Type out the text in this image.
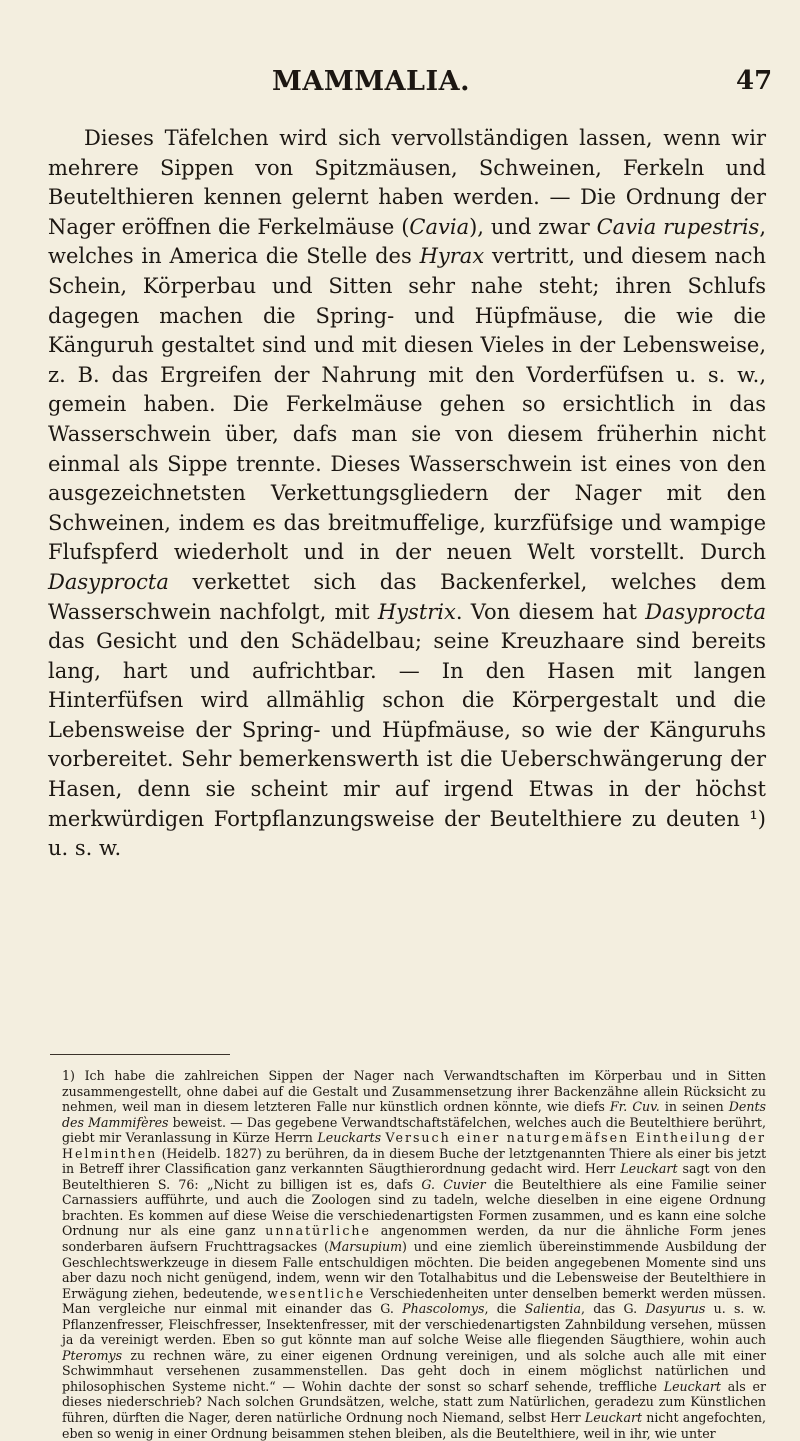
MAMMALIA.	47

Dieses Täfelchen wird sich vervollständigen lassen, wenn wir mehrere Sippen von Spitzmäusen, Schweinen, Ferkeln und Beutelthieren kennen gelernt haben werden. — Die Ordnung der Nager eröffnen die Ferkelmäuse (Cavia), und zwar Cavia rupestris, welches in America die Stelle des Hyrax vertritt, und diesem nach Schein, Körperbau und Sitten sehr nahe steht; ihren Schlufs dagegen machen die Spring- und Hüpfmäuse, die wie die Känguruh gestaltet sind und mit diesen Vieles in der Lebensweise, z. B. das Ergreifen der Nahrung mit den Vorderfüfsen u. s. w., gemein haben. Die Ferkelmäuse gehen so ersichtlich in das Wasserschwein über, dafs man sie von diesem früherhin nicht einmal als Sippe trennte. Dieses Wasserschwein ist eines von den ausgezeichnetsten Verkettungsgliedern der Nager mit den Schweinen, indem es das breitmuffelige, kurzfüfsige und wampige Flufspferd wiederholt und in der neuen Welt vorstellt. Durch Dasyprocta verkettet sich das Backenferkel, welches dem Wasserschwein nachfolgt, mit Hystrix. Von diesem hat Dasyprocta das Gesicht und den Schädelbau; seine Kreuzhaare sind bereits lang, hart und aufrichtbar. — In den Hasen mit langen Hinterfüfsen wird allmählig schon die Körpergestalt und die Lebensweise der Spring- und Hüpfmäuse, so wie der Känguruhs vorbereitet. Sehr bemerkenswerth ist die Ueberschwängerung der Hasen, denn sie scheint mir auf irgend Etwas in der höchst merkwürdigen Fortpflanzungsweise der Beutelthiere zu deuten ¹) u. s. w.

1) Ich habe die zahlreichen Sippen der Nager nach Verwandtschaften im Körperbau und in Sitten zusammengestellt, ohne dabei auf die Gestalt und Zusammensetzung ihrer Backenzähne allein Rücksicht zu nehmen, weil man in diesem letzteren Falle nur künstlich ordnen könnte, wie diefs Fr. Cuv. in seinen Dents des Mammifères beweist. — Das gegebene Verwandtschaftstäfelchen, welches auch die Beutelthiere berührt, giebt mir Veranlassung in Kürze Herrn Leuckarts Versuch einer naturgemäfsen Eintheilung der Helminthen (Heidelb. 1827) zu berühren, da in diesem Buche der letztgenannten Thiere als einer bis jetzt in Betreff ihrer Classification ganz verkannten Säugthierordnung gedacht wird. Herr Leuckart sagt von den Beutelthieren S. 76: „Nicht zu billigen ist es, dafs G. Cuvier die Beutelthiere als eine Familie seiner Carnassiers aufführte, und auch die Zoologen sind zu tadeln, welche dieselben in eine eigene Ordnung brachten. Es kommen auf diese Weise die verschiedenartigsten Formen zusammen, und es kann eine solche Ordnung nur als eine ganz unnatürliche angenommen werden, da nur die ähnliche Form jenes sonderbaren äufsern Fruchttragsackes (Marsupium) und eine ziemlich übereinstimmende Ausbildung der Geschlechtswerkzeuge in diesem Falle entschuldigen möchten. Die beiden angegebenen Momente sind uns aber dazu noch nicht genügend, indem, wenn wir den Totalhabitus und die Lebensweise der Beutelthiere in Erwägung ziehen, bedeutende, wesentliche Verschiedenheiten unter denselben bemerkt werden müssen. Man vergleiche nur einmal mit einander das G. Phascolomys, die Salientia, das G. Dasyurus u. s. w. Pflanzenfresser, Fleischfresser, Insektenfresser, mit der verschiedenartigsten Zahnbildung versehen, müssen ja da vereinigt werden. Eben so gut könnte man auf solche Weise alle fliegenden Säugthiere, wohin auch Pteromys zu rechnen wäre, zu einer eigenen Ordnung vereinigen, und als solche auch alle mit einer Schwimmhaut versehenen zusammenstellen. Das geht doch in einem möglichst natürlichen und philosophischen Systeme nicht.“ — Wohin dachte der sonst so scharf sehende, treffliche Leuckart als er dieses niederschrieb? Nach solchen Grundsätzen, welche, statt zum Natürlichen, geradezu zum Künstlichen führen, dürften die Nager, deren natürliche Ordnung noch Niemand, selbst Herr Leuckart nicht angefochten, eben so wenig in einer Ordnung beisammen stehen bleiben, als die Beutelthiere, weil in ihr, wie unter
